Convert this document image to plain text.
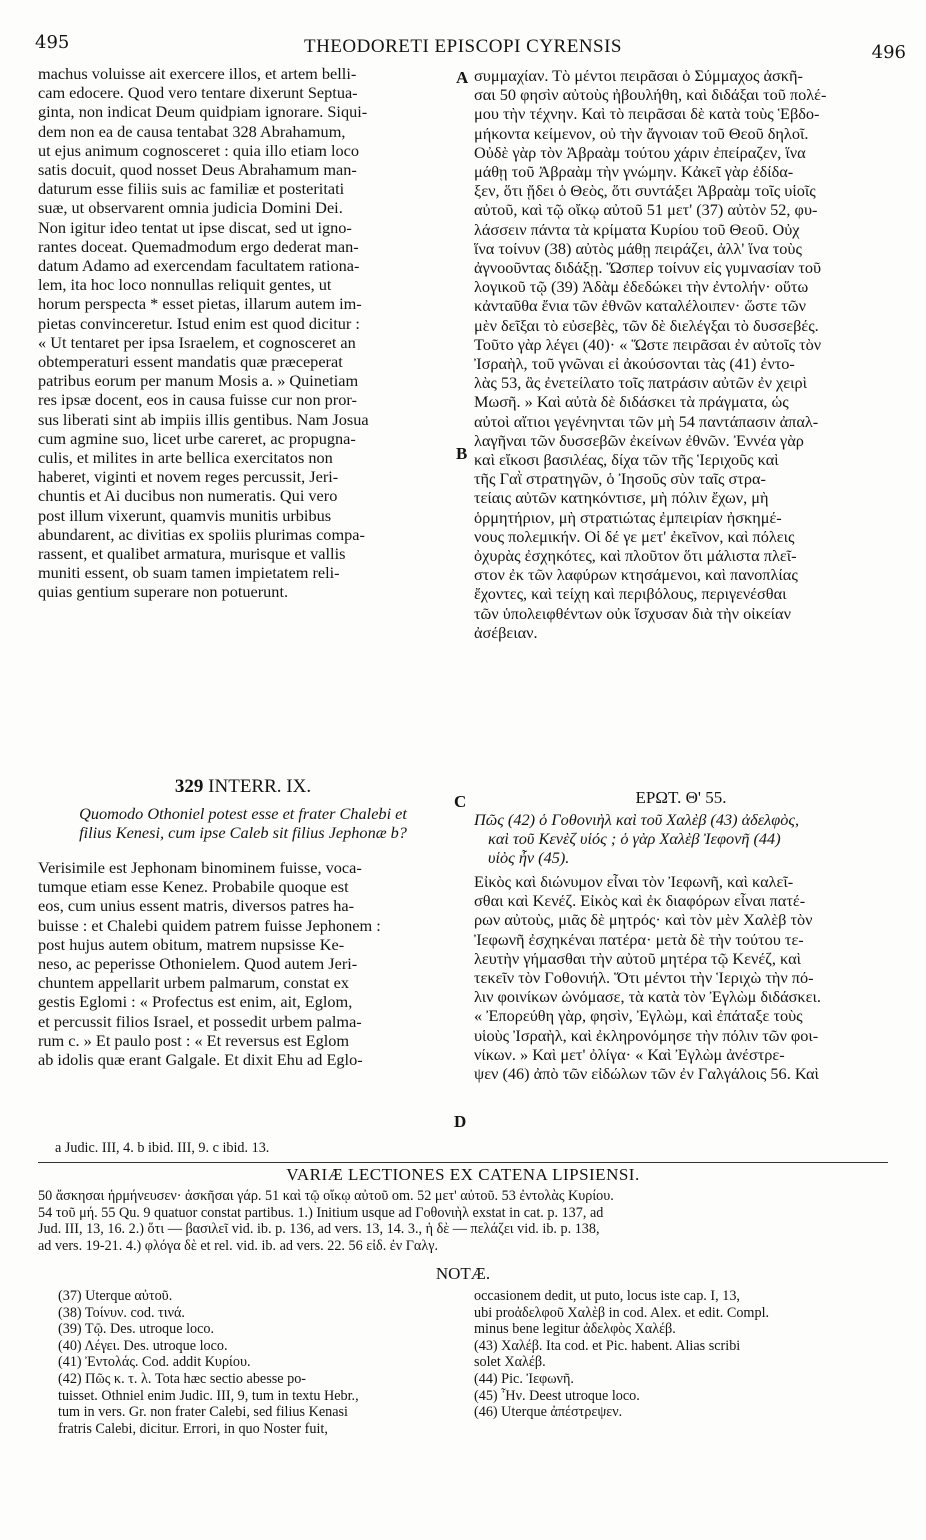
495	THEODORETI EPISCOPI CYRENSIS	496

machus voluisse ait exercere illos, et artem belli-

cam edocere. Quod vero tentare dixerunt Septua-

ginta, non indicat Deum quidpiam ignorare. Siqui-

dem non ea de causa tentabat 328 Abrahamum,

ut ejus animum cognosceret : quia illo etiam loco

satis docuit, quod nosset Deus Abrahamum man-

daturum esse filiis suis ac familiæ et posteritati

suæ, ut observarent omnia judicia Domini Dei.

Non igitur ideo tentat ut ipse discat, sed ut igno-

rantes doceat. Quemadmodum ergo dederat man-

datum Adamo ad exercendam facultatem rationa-

lem, ita hoc loco nonnullas reliquit gentes, ut

horum perspecta * esset pietas, illarum autem im-

pietas convinceretur. Istud enim est quod dicitur :

« Ut tentaret per ipsa Israelem, et cognosceret an

obtemperaturi essent mandatis quæ præceperat

patribus eorum per manum Mosis a. » Quinetiam

res ipsæ docent, eos in causa fuisse cur non pror-

sus liberati sint ab impiis illis gentibus. Nam Josua

cum agmine suo, licet urbe careret, ac propugna-

culis, et milites in arte bellica exercitatos non

haberet, viginti et novem reges percussit, Jeri-

chuntis et Ai ducibus non numeratis. Qui vero

post illum vixerunt, quamvis munitis urbibus

abundarent, ac divitias ex spoliis plurimas compa-

rassent, et qualibet armatura, murisque et vallis

muniti essent, ob suam tamen impietatem reli-

quias gentium superare non potuerunt.

329 INTERR. IX.

Quomodo Othoniel potest esse et frater Chalebi et

filius Kenesi, cum ipse Caleb sit filius Jephonæ b?

Verisimile est Jephonam binominem fuisse, voca-

tumque etiam esse Kenez. Probabile quoque est

eos, cum unius essent matris, diversos patres ha-

buisse : et Chalebi quidem patrem fuisse Jephonem :

post hujus autem obitum, matrem nupsisse Ke-

neso, ac peperisse Othonielem. Quod autem Jeri-

chuntem appellarit urbem palmarum, constat ex

gestis Eglomi : « Profectus est enim, ait, Eglom,

et percussit filios Israel, et possedit urbem palma-

rum c. » Et paulo post : « Et reversus est Eglom

ab idolis quæ erant Galgale. Et dixit Ehu ad Eglo-

a Judic. III, 4. b ibid. III, 9. c ibid. 13.

συμμαχίαν. Τὸ μέντοι πειρᾶσαι ὁ Σύμμαχος ἀσκῆ-

σαι 50 φησὶν αὐτοὺς ἠβουλήθη, καὶ διδάξαι τοῦ πολέ-

μου τὴν τέχνην. Καὶ τὸ πειρᾶσαι δὲ κατὰ τοὺς Ἑβδο-

μήκοντα κείμενον, οὐ τὴν ἄγνοιαν τοῦ Θεοῦ δηλοῖ.

Οὐδὲ γὰρ τὸν Ἀβραὰμ τούτου χάριν ἐπείραζεν, ἵνα

μάθῃ τοῦ Ἀβραὰμ τὴν γνώμην. Κἀκεῖ γὰρ ἐδίδα-

ξεν, ὅτι ᾔδει ὁ Θεὸς, ὅτι συντάξει Ἀβραὰμ τοῖς υἱοῖς

αὐτοῦ, καὶ τῷ οἴκῳ αὐτοῦ 51 μετ' (37) αὐτὸν 52, φυ-

λάσσειν πάντα τὰ κρίματα Κυρίου τοῦ Θεοῦ. Οὐχ

ἵνα τοίνυν (38) αὐτὸς μάθῃ πειράζει, ἀλλ' ἵνα τοὺς

ἀγνοοῦντας διδάξῃ. Ὥσπερ τοίνυν εἰς γυμνασίαν τοῦ

λογικοῦ τῷ (39) Ἀδὰμ ἐδεδώκει τὴν ἐντολήν· οὕτω

κἀνταῦθα ἔνια τῶν ἐθνῶν καταλέλοιπεν· ὥστε τῶν

μὲν δεῖξαι τὸ εὐσεβὲς, τῶν δὲ διελέγξαι τὸ δυσσεβές.

Τοῦτο γὰρ λέγει (40)· « Ὥστε πειρᾶσαι ἐν αὐτοῖς τὸν

Ἰσραὴλ, τοῦ γνῶναι εἰ ἀκούσονται τὰς (41) ἐντο-

λὰς 53, ἃς ἐνετείλατο τοῖς πατράσιν αὐτῶν ἐν χειρὶ

Μωσῆ. » Καὶ αὐτὰ δὲ διδάσκει τὰ πράγματα, ὡς

αὐτοὶ αἴτιοι γεγένηνται τῶν μὴ 54 παντάπασιν ἀπαλ-

λαγῆναι τῶν δυσσεβῶν ἐκείνων ἐθνῶν. Ἐννέα γὰρ

καὶ εἴκοσι βασιλέας, δίχα τῶν τῆς Ἱεριχοῦς καὶ

τῆς Γαῒ στρατηγῶν, ὁ Ἰησοῦς σὺν ταῖς στρα-

τείαις αὐτῶν κατηκόντισε, μὴ πόλιν ἔχων, μὴ

ὁρμητήριον, μὴ στρατιώτας ἐμπειρίαν ἠσκημέ-

νους πολεμικήν. Οἱ δέ γε μετ' ἐκεῖνον, καὶ πόλεις

ὀχυρὰς ἐσχηκότες, καὶ πλοῦτον ὅτι μάλιστα πλεῖ-

στον ἐκ τῶν λαφύρων κτησάμενοι, καὶ πανοπλίας

ἔχοντες, καὶ τείχη καὶ περιβόλους, περιγενέσθαι

τῶν ὑπολειφθέντων οὐκ ἴσχυσαν διὰ τὴν οἰκείαν

ἀσέβειαν.

ΕΡΩΤ. Θ' 55.

Πῶς (42) ὁ Γοθονιὴλ καὶ τοῦ Χαλὲβ (43) ἀδελφὸς,

καὶ τοῦ Κενὲζ υἱός ; ὁ γὰρ Χαλὲβ Ἰεφονῆ (44)

υἱὸς ἦν (45).

Εἰκὸς καὶ διώνυμον εἶναι τὸν Ἰεφωνῆ, καὶ καλεῖ-

σθαι καὶ Κενέζ. Εἰκὸς καὶ ἐκ διαφόρων εἶναι πατέ-

ρων αὐτοὺς, μιᾶς δὲ μητρός· καὶ τὸν μὲν Χαλὲβ τὸν

Ἰεφωνῆ ἐσχηκέναι πατέρα· μετὰ δὲ τὴν τούτου τε-

λευτὴν γήμασθαι τὴν αὐτοῦ μητέρα τῷ Κενέζ, καὶ

τεκεῖν τὸν Γοθονιήλ. Ὅτι μέντοι τὴν Ἱεριχὼ τὴν πό-

λιν φοινίκων ὠνόμασε, τὰ κατὰ τὸν Ἐγλὼμ διδάσκει.

« Ἐπορεύθη γὰρ, φησὶν, Ἐγλὼμ, καὶ ἐπάταξε τοὺς

υἱοὺς Ἰσραὴλ, καὶ ἐκληρονόμησε τὴν πόλιν τῶν φοι-

νίκων. » Καὶ μετ' ὀλίγα· « Καὶ Ἐγλὼμ ἀνέστρε-

ψεν (46) ἀπὸ τῶν εἰδώλων τῶν ἐν Γαλγάλοις 56. Καὶ

A
B
C
D
VARIÆ LECTIONES EX CATENA LIPSIENSI.
50 ἄσκησαι ἡρμήνευσεν· ἀσκῆσαι γάρ. 51 καὶ τῷ οἴκῳ αὐτοῦ om. 52 μετ' αὐτοῦ. 53 ἐντολὰς Κυρίου.
54 τοῦ μή. 55 Qu. 9 quatuor constat partibus. 1.) Initium usque ad Γοθονιὴλ exstat in cat. p. 137, ad
Jud. III, 13, 16. 2.) ὅτι — βασιλεῖ vid. ib. p. 136, ad vers. 13, 14. 3., ἡ δὲ — πελάζει vid. ib. p. 138,
ad vers. 19-21. 4.) φλόγα δὲ et rel. vid. ib. ad vers. 22. 56 εἰδ. ἐν Γαλγ.
NOTÆ.
(37) Uterque αὐτοῦ.
(38) Τοίνυν. cod. τινά.
(39) Τῷ. Des. utroque loco.
(40) Λέγει. Des. utroque loco.
(41) Ἐντολάς. Cod. addit Κυρίου.
(42) Πῶς κ. τ. λ. Tota hæc sectio abesse po-
tuisset. Othniel enim Judic. III, 9, tum in textu Hebr.,
tum in vers. Gr. non frater Calebi, sed filius Kenasi
fratris Calebi, dicitur. Errori, in quo Noster fuit,
occasionem dedit, ut puto, locus iste cap. I, 13,
ubi proἀδελφοῦ Χαλὲβ in cod. Alex. et edit. Compl.
minus bene legitur ἀδελφὸς Χαλέβ.
(43) Χαλέβ. Ita cod. et Pic. habent. Alias scribi
solet Χαλέβ.
(44) Pic. Ἰεφωνῆ.
(45) Ἦν. Deest utroque loco.
(46) Uterque ἀπέστρεψεν.
